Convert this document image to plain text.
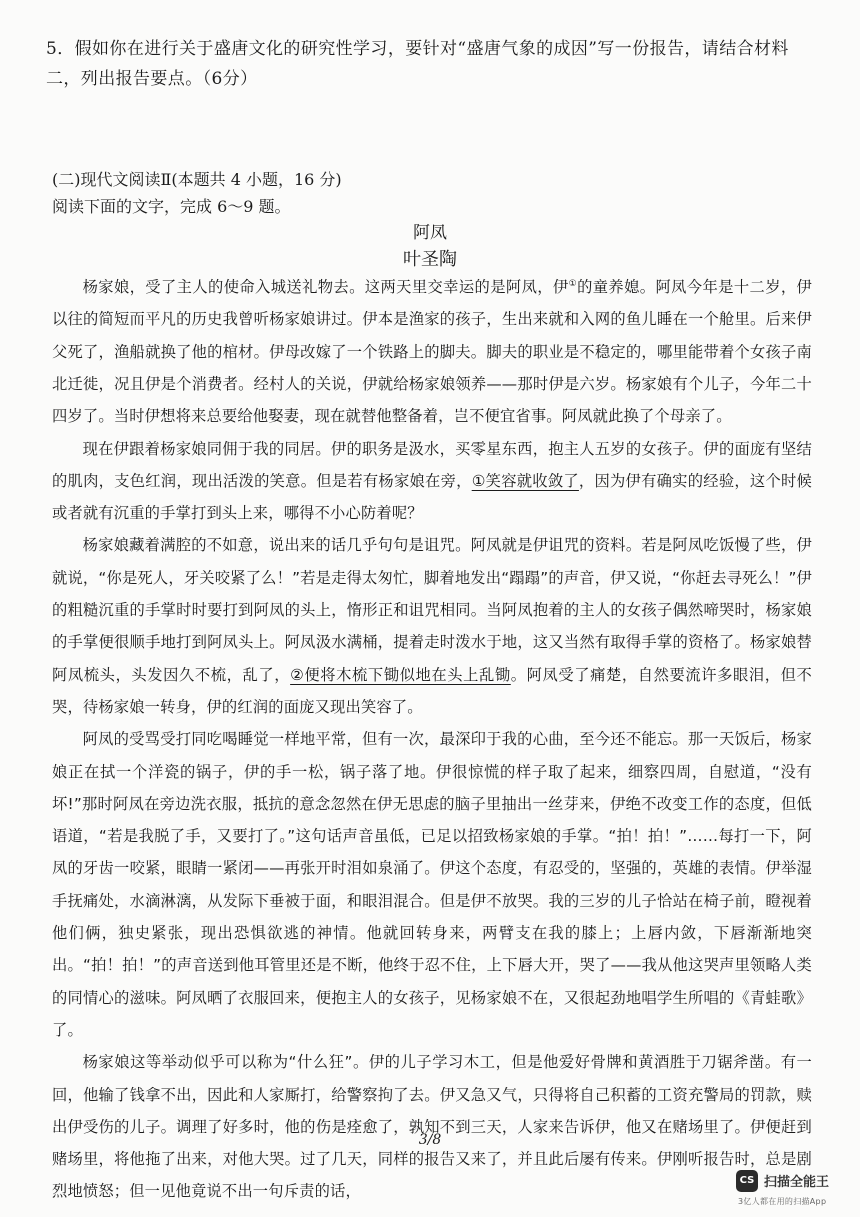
5．假如你在进行关于盛唐文化的研究性学习，要针对“盛唐气象的成因”写一份报告，请结合材料
二，列出报告要点。（6分）
(二)现代文阅读Ⅱ(本题共 4 小题，16 分)
阅读下面的文字，完成 6～9 题。
阿凤
叶圣陶

杨家娘，受了主人的使命入城送礼物去。这两天里交幸运的是阿凤，伊①的童养媳。阿凤今年是十二岁，伊以往的简短而平凡的历史我曾听杨家娘讲过。伊本是渔家的孩子，生出来就和入网的鱼儿睡在一个舱里。后来伊父死了，渔船就换了他的棺材。伊母改嫁了一个铁路上的脚夫。脚夫的职业是不稳定的，哪里能带着个女孩子南北迁徙，况且伊是个消费者。经村人的关说，伊就给杨家娘领养——那时伊是六岁。杨家娘有个儿子，今年二十四岁了。当时伊想将来总要给他娶妻，现在就替他整备着，岂不便宜省事。阿凤就此换了个母亲了。

现在伊跟着杨家娘同佣于我的同居。伊的职务是汲水，买零星东西，抱主人五岁的女孩子。伊的面庞有坚结的肌肉，支色红润，现出活泼的笑意。但是若有杨家娘在旁，①笑容就收敛了，因为伊有确实的经验，这个时候或者就有沉重的手掌打到头上来，哪得不小心防着呢？

杨家娘藏着满腔的不如意，说出来的话几乎句句是诅咒。阿凤就是伊诅咒的资料。若是阿凤吃饭慢了些，伊就说，“你是死人，牙关咬紧了么！”若是走得太匆忙，脚着地发出“蹋蹋”的声音，伊又说，“你赶去寻死么！”伊的粗糙沉重的手掌时时要打到阿凤的头上，惰形正和诅咒相同。当阿凤抱着的主人的女孩子偶然啼哭时，杨家娘的手掌便很顺手地打到阿凤头上。阿凤汲水满桶，提着走时泼水于地，这又当然有取得手掌的资格了。杨家娘替阿凤梳头，头发因久不梳，乱了，②便将木梳下锄似地在头上乱锄。阿凤受了痛楚，自然要流许多眼泪，但不哭，待杨家娘一转身，伊的红润的面庞又现出笑容了。

阿凤的受骂受打同吃喝睡觉一样地平常，但有一次，最深印于我的心曲，至今还不能忘。那一天饭后，杨家娘正在拭一个洋瓷的锅子，伊的手一松，锅子落了地。伊很惊慌的样子取了起来，细察四周，自慰道，“没有坏!”那时阿凤在旁边洗衣服，抵抗的意念忽然在伊无思虑的脑子里抽出一丝芽来，伊绝不改变工作的态度，但低语道，“若是我脱了手，又要打了。”这句话声音虽低，已足以招致杨家娘的手掌。“拍！拍！”……每打一下，阿凤的牙齿一咬紧，眼睛一紧闭——再张开时泪如泉涌了。伊这个态度，有忍受的，坚强的，英雄的表情。伊举湿手抚痛处，水滴淋漓，从发际下垂被于面，和眼泪混合。但是伊不放哭。我的三岁的儿子恰站在椅子前，瞪视着他们俩，独史紧张，现出恐惧欲逃的神情。他就回转身来，两臂支在我的膝上；上唇内敛，下唇渐渐地突出。“拍！拍！”的声音送到他耳管里还是不断，他终于忍不住，上下唇大开，哭了——我从他这哭声里领略人类的同情心的滋味。阿凤晒了衣服回来，便抱主人的女孩子，见杨家娘不在，又很起劲地唱学生所唱的《青蛙歌》了。

杨家娘这等举动似乎可以称为“什么狂”。伊的儿子学习木工，但是他爱好骨牌和黄酒胜于刀锯斧凿。有一回，他输了钱拿不出，因此和人家厮打，给警察拘了去。伊又急又气，只得将自己积蓄的工资充警局的罚款，赎出伊受伤的儿子。调理了好多时，他的伤是痊愈了，孰知不到三天，人家来告诉伊，他又在赌场里了。伊便赶到赌场里，将他拖了出来，对他大哭。过了几天，同样的报告又来了，并且此后屡有传来。伊刚听报告时，总是剧烈地愤怒；但一见他竟说不出一句斥责的话，

3/8
CS 扫描全能王
3亿人都在用的扫描App
